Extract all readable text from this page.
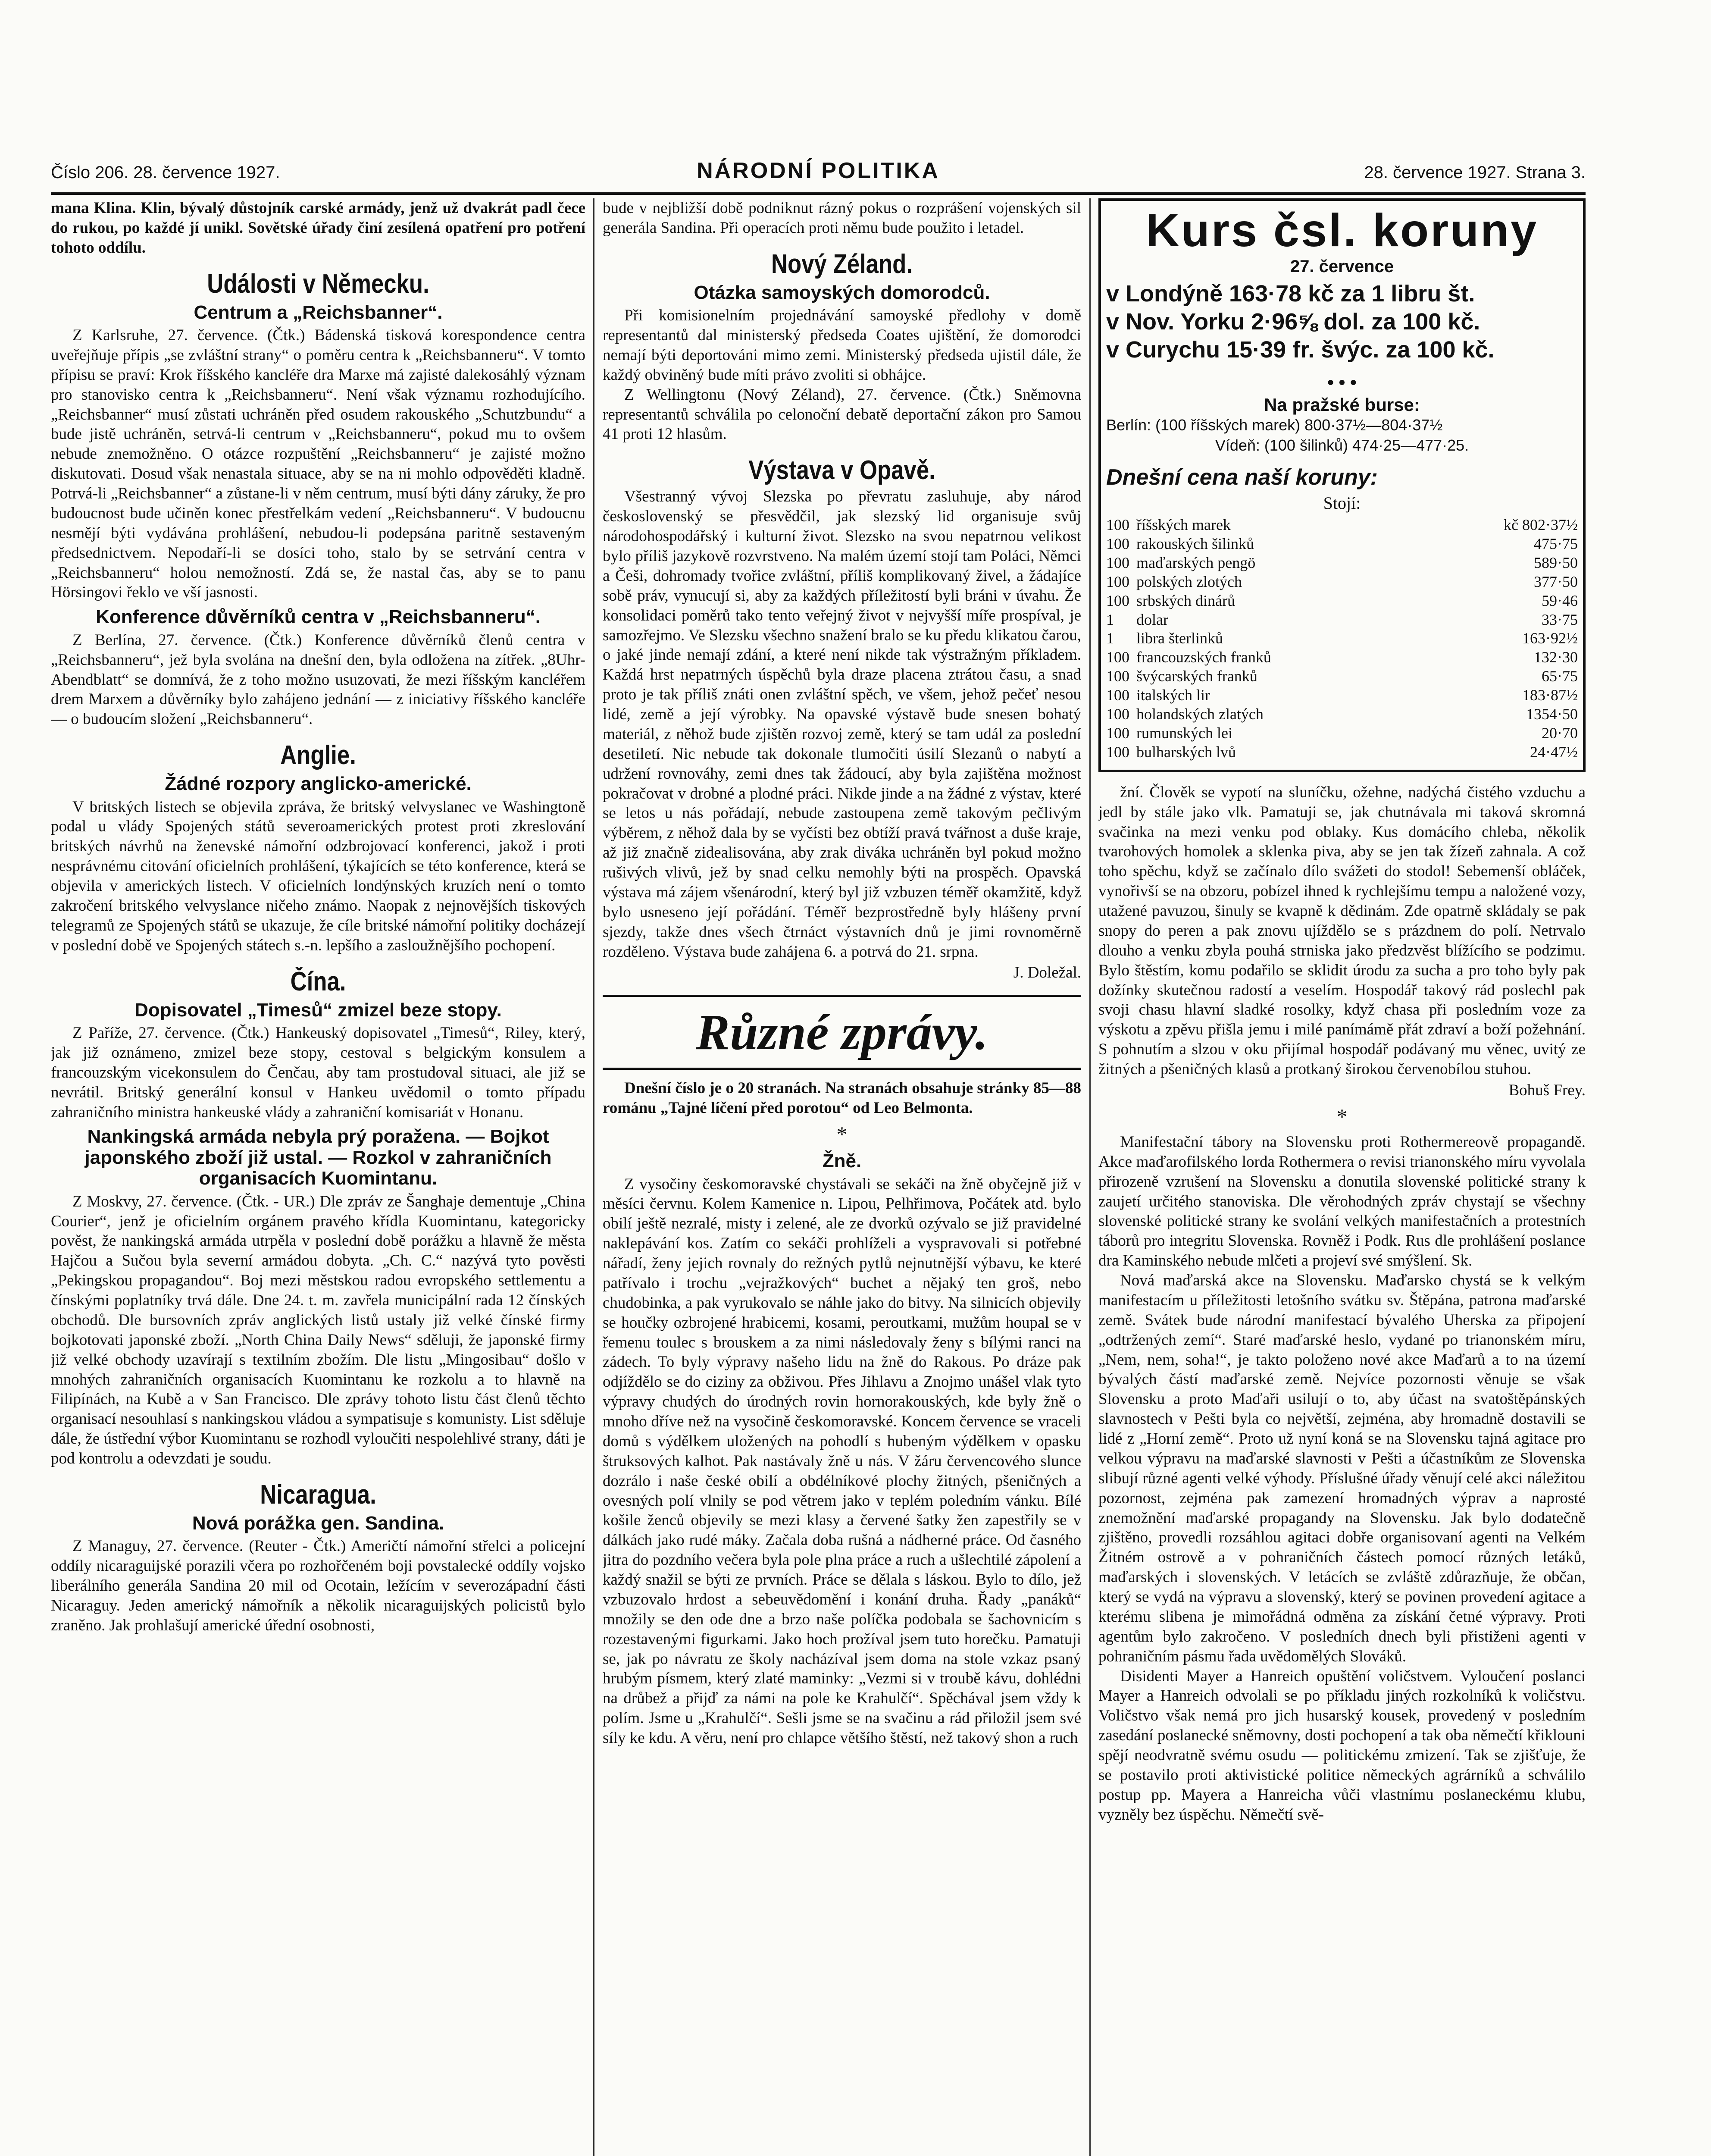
Číslo 206. 28. července 1927.	NÁRODNÍ POLITIKA	28. července 1927. Strana 3.

mana Klina. Klin, bývalý důstojník carské armády, jenž už dvakrát padl čece do rukou, po každé jí unikl. Sovětské úřady činí zesílená opatření pro potření tohoto oddílu.

Události v Německu.
Centrum a „Reichsbanner“.

Z Karlsruhe, 27. července. (Čtk.) Bádenská tisková korespondence centra uveřejňuje přípis „se zvláštní strany“ o poměru centra k „Reichsbanneru“. V tomto přípisu se praví: Krok říšského kancléře dra Marxe má zajisté dalekosáhlý význam pro stanovisko centra k „Reichsbanneru“. Není však významu rozhodujícího. „Reichsbanner“ musí zůstati uchráněn před osudem rakouského „Schutzbundu“ a bude jistě uchráněn, setrvá-li centrum v „Reichsbanneru“, pokud mu to ovšem nebude znemožněno. O otázce rozpuštění „Reichsbanneru“ je zajisté možno diskutovati. Dosud však nenastala situace, aby se na ni mohlo odpověděti kladně. Potrvá-li „Reichsbanner“ a zůstane-li v něm centrum, musí býti dány záruky, že pro budoucnost bude učiněn konec přestřelkám vedení „Reichsbanneru“. V budoucnu nesmějí býti vydávána prohlášení, nebudou-li podepsána paritně sestaveným předsednictvem. Nepodaří-li se dosíci toho, stalo by se setrvání centra v „Reichsbanneru“ holou nemožností. Zdá se, že nastal čas, aby se to panu Hörsingovi řeklo ve vší jasnosti.

Konference důvěrníků centra v „Reichsbanneru“.

Z Berlína, 27. července. (Čtk.) Konference důvěrníků členů centra v „Reichsbanneru“, jež byla svolána na dnešní den, byla odložena na zítřek. „8Uhr-Abendblatt“ se domnívá, že z toho možno usuzovati, že mezi říšským kancléřem drem Marxem a důvěrníky bylo zahájeno jednání — z iniciativy říšského kancléře — o budoucím složení „Reichsbanneru“.

Anglie.
Žádné rozpory anglicko-americké.

V britských listech se objevila zpráva, že britský velvyslanec ve Washingtoně podal u vlády Spojených států severoamerických protest proti zkreslování britských návrhů na ženevské námořní odzbrojovací konferenci, jakož i proti nesprávnému citování oficielních prohlášení, týkajících se této konference, která se objevila v amerických listech. V oficielních londýnských kruzích není o tomto zakročení britského velvyslance ničeho známo. Naopak z nejnovějších tiskových telegramů ze Spojených států se ukazuje, že cíle britské námořní politiky docházejí v poslední době ve Spojených státech s.-n. lepšího a zasloužnějšího pochopení.

Čína.
Dopisovatel „Timesů“ zmizel beze stopy.

Z Paříže, 27. července. (Čtk.) Hankeuský dopisovatel „Timesů“, Riley, který, jak již oznámeno, zmizel beze stopy, cestoval s belgickým konsulem a francouzským vicekonsulem do Čenčau, aby tam prostudoval situaci, ale již se nevrátil. Britský generální konsul v Hankeu uvědomil o tomto případu zahraničního ministra hankeuské vlády a zahraniční komisariát v Honanu.

Nankingská armáda nebyla prý poražena. — Bojkot japonského zboží již ustal. — Rozkol v zahraničních organisacích Kuomintanu.

Z Moskvy, 27. července. (Čtk. - UR.) Dle zpráv ze Šanghaje dementuje „China Courier“, jenž je oficielním orgánem pravého křídla Kuomintanu, kategoricky pověst, že nankingská armáda utrpěla v poslední době porážku a hlavně že města Hajčou a Sučou byla severní armádou dobyta. „Ch. C.“ nazývá tyto pověsti „Pekingskou propagandou“. Boj mezi městskou radou evropského settlementu a čínskými poplatníky trvá dále. Dne 24. t. m. zavřela municipální rada 12 čínských obchodů. Dle bursovních zpráv anglických listů ustaly již velké čínské firmy bojkotovati japonské zboží. „North China Daily News“ sděluji, že japonské firmy již velké obchody uzavírají s textilním zbožím. Dle listu „Mingosibau“ došlo v mnohých zahraničních organisacích Kuomintanu ke rozkolu a to hlavně na Filipínách, na Kubě a v San Francisco. Dle zprávy tohoto listu část členů těchto organisací nesouhlasí s nankingskou vládou a sympatisuje s komunisty. List sděluje dále, že ústřední výbor Kuomintanu se rozhodl vyloučiti nespolehlivé strany, dáti je pod kontrolu a odevzdati je soudu.

Nicaragua.
Nová porážka gen. Sandina.

Z Managuy, 27. července. (Reuter - Čtk.) Američtí námořní střelci a policejní oddíly nicaraguijské porazili včera po rozhořčeném boji povstalecké oddíly vojsko liberálního generála Sandina 20 mil od Ocotain, ležícím v severozápadní části Nicaraguy. Jeden americký námořník a několik nicaraguijských policistů bylo zraněno. Jak prohlašují americké úřední osobnosti,

bude v nejbližší době podniknut rázný pokus o rozprášení vojenských sil generála Sandina. Při operacích proti němu bude použito i letadel.

Nový Zéland.
Otázka samoyských domorodců.

Při komisionelním projednávání samoyské předlohy v domě representantů dal ministerský předseda Coates ujištění, že domorodci nemají býti deportováni mimo zemi. Ministerský předseda ujistil dále, že každý obviněný bude míti právo zvoliti si obhájce.

Z Wellingtonu (Nový Zéland), 27. července. (Čtk.) Sněmovna representantů schválila po celonoční debatě deportační zákon pro Samou 41 proti 12 hlasům.

Výstava v Opavě.

Všestranný vývoj Slezska po převratu zasluhuje, aby národ československý se přesvědčil, jak slezský lid organisuje svůj národohospodářský i kulturní život. Slezsko na svou nepatrnou velikost bylo příliš jazykově rozvrstveno. Na malém území stojí tam Poláci, Němci a Češi, dohromady tvořice zvláštní, příliš komplikovaný živel, a žádajíce sobě práv, vynucují si, aby za každých příležitostí byli bráni v úvahu. Že konsolidaci poměrů tako tento veřejný život v nejvyšší míře prospíval, je samozřejmo. Ve Slezsku všechno snažení bralo se ku předu klikatou čarou, o jaké jinde nemají zdání, a které není nikde tak výstražným příkladem. Každá hrst nepatrných úspěchů byla draze placena ztrátou času, a snad proto je tak příliš znáti onen zvláštní spěch, ve všem, jehož pečeť nesou lidé, země a její výrobky. Na opavské výstavě bude snesen bohatý materiál, z něhož bude zjištěn rozvoj země, který se tam udál za poslední desetiletí. Nic nebude tak dokonale tlumočiti úsilí Slezanů o nabytí a udržení rovnováhy, zemi dnes tak žádoucí, aby byla zajištěna možnost pokračovat v drobné a plodné práci. Nikde jinde a na žádné z výstav, které se letos u nás pořádají, nebude zastoupena země takovým pečlivým výběrem, z něhož dala by se vyčísti bez obtíží pravá tvářnost a duše kraje, až již značně zidealisována, aby zrak diváka uchráněn byl pokud možno rušivých vlivů, jež by snad celku nemohly býti na prospěch. Opavská výstava má zájem všenárodní, který byl již vzbuzen téměř okamžitě, když bylo usneseno její pořádání. Téměř bezprostředně byly hlášeny první sjezdy, takže dnes všech čtrnáct výstavních dnů je jimi rovnoměrně rozděleno. Výstava bude zahájena 6. a potrvá do 21. srpna.

J. Doležal.
Různé zprávy.

Dnešní číslo je o 20 stranách. Na stranách obsahuje stránky 85—88 románu „Tajné líčení před porotou“ od Leo Belmonta.

*
Žně.

Z vysočiny českomoravské chystávali se sekáči na žně obyčejně již v měsíci červnu. Kolem Kamenice n. Lipou, Pelhřimova, Počátek atd. bylo obilí ještě nezralé, misty i zelené, ale ze dvorků ozývalo se již pravidelné naklepávání kos. Zatím co sekáči prohlíželi a vyspravovali si potřebné nářadí, ženy jejich rovnaly do režných pytlů nejnutnější výbavu, ke které patřívalo i trochu „vejražkových“ buchet a nějaký ten groš, nebo chudobinka, a pak vyrukovalo se náhle jako do bitvy. Na silnicích objevily se houčky ozbrojené hrabicemi, kosami, peroutkami, mužům houpal se v řemenu toulec s brouskem a za nimi následovaly ženy s bílými ranci na zádech. To byly výpravy našeho lidu na žně do Rakous. Po dráze pak odjíždělo se do ciziny za obživou. Přes Jihlavu a Znojmo unášel vlak tyto výpravy chudých do úrodných rovin hornorakouských, kde byly žně o mnoho dříve než na vysočině českomoravské. Koncem července se vraceli domů s výdělkem uložených na pohodlí s hubeným výdělkem v opasku štruksových kalhot. Pak nastávaly žně u nás. V žáru červencového slunce dozrálo i naše české obilí a obdélníkové plochy žitných, pšeničných a ovesných polí vlnily se pod větrem jako v teplém poledním vánku. Bílé košile ženců objevily se mezi klasy a červené šatky žen zapestřily se v dálkách jako rudé máky. Začala doba rušná a nádherné práce. Od časného jitra do pozdního večera byla pole plna práce a ruch a ušlechtilé zápolení a každý snažil se býti ze prvních. Práce se dělala s láskou. Bylo to dílo, jež vzbuzovalo hrdost a sebeuvědomění i konání druha. Řady „panáků“ množily se den ode dne a brzo naše políčka podobala se šachovnicím s rozestavenými figurkami. Jako hoch prožíval jsem tuto horečku. Pamatuji se, jak po návratu ze školy nacházíval jsem doma na stole vzkaz psaný hrubým písmem, který zlaté maminky: „Vezmi si v troubě kávu, dohlédni na drůbež a přijď za námi na pole ke Krahulčí“. Spěchával jsem vždy k polím. Jsme u „Krahulčí“. Sešli jsme se na svačinu a rád přiložil jsem své síly ke kdu. A věru, není pro chlapce většího štěstí, než takový shon a ruch

Kurs čsl. koruny
27. července
v Londýně 163·78 kč za 1 libru št.
v Nov. Yorku 2·96⅝ dol. za 100 kč.
v Curychu 15·39 fr. švýc. za 100 kč.
• • •
Na pražské burse:
Berlín: (100 říšských marek) 800·37½—804·37½
Vídeň: (100 šilinků) 474·25—477·25.
Dnešní cena naší koruny:
Stojí:
100	říšských marek	kč 802·37½
100	rakouských šilinků	475·75
100	maďarských pengö	589·50
100	polských zlotých	377·50
100	srbských dinárů	59·46
1	dolar	33·75
1	libra šterlinků	163·92½
100	francouzských franků	132·30
100	švýcarských franků	65·75
100	italských lir	183·87½
100	holandských zlatých	1354·50
100	rumunských lei	20·70
100	bulharských lvů	24·47½

žní. Člověk se vypotí na sluníčku, ožehne, nadýchá čistého vzduchu a jedl by stále jako vlk. Pamatuji se, jak chutnávala mi taková skromná svačinka na mezi venku pod oblaky. Kus domácího chleba, několik tvarohových homolek a sklenka piva, aby se jen tak žízeň zahnala. A což toho spěchu, když se začínalo dílo svážeti do stodol! Sebemenší obláček, vynořivší se na obzoru, pobízel ihned k rychlejšímu tempu a naložené vozy, utažené pavuzou, šinuly se kvapně k dědinám. Zde opatrně skládaly se pak snopy do peren a pak znovu ujíždělo se s prázdnem do polí. Netrvalo dlouho a venku zbyla pouhá strniska jako předzvěst blížícího se podzimu. Bylo štěstím, komu podařilo se sklidit úrodu za sucha a pro toho byly pak dožínky skutečnou radostí a veselím. Hospodář takový rád poslechl pak svoji chasu hlavní sladké rosolky, když chasa při posledním voze za výskotu a zpěvu přišla jemu i milé panímámě přát zdraví a boží požehnání. S pohnutím a slzou v oku přijímal hospodář podávaný mu věnec, uvitý ze žitných a pšeničných klasů a protkaný širokou červenobílou stuhou.

Bohuš Frey.
*

Manifestační tábory na Slovensku proti Rothermereově propagandě. Akce maďarofilského lorda Rothermera o revisi trianonského míru vyvolala přirozeně vzrušení na Slovensku a donutila slovenské politické strany k zaujetí určitého stanoviska. Dle věrohodných zpráv chystají se všechny slovenské politické strany ke svolání velkých manifestačních a protestních táborů pro integritu Slovenska. Rovněž i Podk. Rus dle prohlášení poslance dra Kaminského nebude mlčeti a projeví své smýšlení. Sk.

Nová maďarská akce na Slovensku. Maďarsko chystá se k velkým manifestacím u příležitosti letošního svátku sv. Štěpána, patrona maďarské země. Svátek bude národní manifestací bývalého Uherska za připojení „odtržených zemí“. Staré maďarské heslo, vydané po trianonském míru, „Nem, nem, soha!“, je takto položeno nové akce Maďarů a to na území bývalých částí maďarské země. Nejvíce pozornosti věnuje se však Slovensku a proto Maďaři usilují o to, aby účast na svatoštěpánských slavnostech v Pešti byla co největší, zejména, aby hromadně dostavili se lidé z „Horní země“. Proto už nyní koná se na Slovensku tajná agitace pro velkou výpravu na maďarské slavnosti v Pešti a účastníkům ze Slovenska slibují různé agenti velké výhody. Příslušné úřady věnují celé akci náležitou pozornost, zejména pak zamezení hromadných výprav a naprosté znemožnění maďarské propagandy na Slovensku. Jak bylo dodatečně zjištěno, provedli rozsáhlou agitaci dobře organisovaní agenti na Velkém Žitném ostrově a v pohraničních částech pomocí různých letáků, maďarských i slovenských. V letácích se zvláště zdůrazňuje, že občan, který se vydá na výpravu a slovenský, který se povinen provedení agitace a kterému slibena je mimořádná odměna za získání četné výpravy. Proti agentům bylo zakročeno. V posledních dnech byli přistiženi agenti v pohraničním pásmu řada uvědomělých Slováků.

Disidenti Mayer a Hanreich opuštění voličstvem. Vyloučení poslanci Mayer a Hanreich odvolali se po příkladu jiných rozkolníků k voličstvu. Voličstvo však nemá pro jich husarský kousek, provedený v posledním zasedání poslanecké sněmovny, dosti pochopení a tak oba němečtí křiklouni spějí neodvratně svému osudu — politickému zmizení. Tak se zjišťuje, že se postavilo proti aktivistické politice německých agrárníků a schválilo postup pp. Mayera a Hanreicha vůči vlastnímu poslaneckému klubu, vyzněly bez úspěchu. Němečtí svě-
